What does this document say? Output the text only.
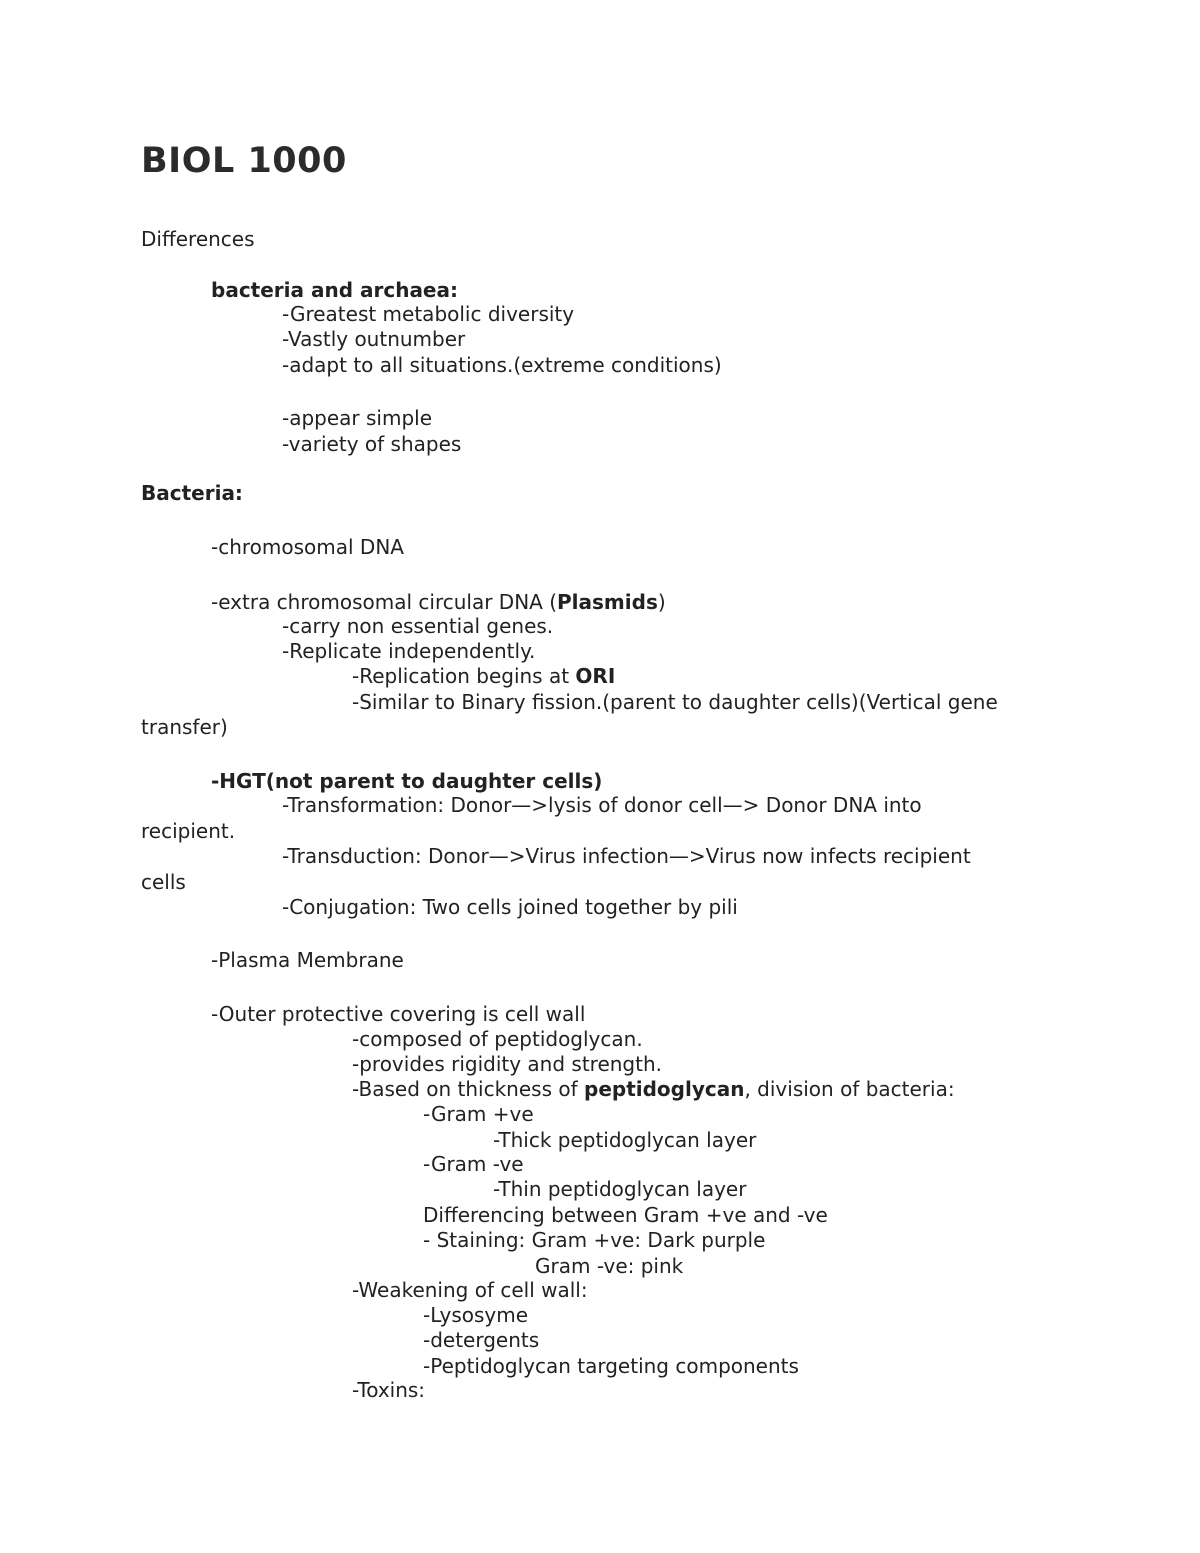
BIOL 1000

Differences

bacteria and archaea:

-Greatest metabolic diversity

-Vastly outnumber

-adapt to all situations.(extreme conditions)

-appear simple

-variety of shapes

Bacteria:

-chromosomal DNA

-extra chromosomal circular DNA (Plasmids)

-carry non essential genes.

-Replicate independently.

-Replication begins at ORI

-Similar to Binary fission.(parent to daughter cells)(Vertical gene

transfer)

-HGT(not parent to daughter cells)

-Transformation: Donor—>lysis of donor cell—> Donor DNA into

recipient.

-Transduction: Donor—>Virus infection—>Virus now infects recipient

cells

-Conjugation: Two cells joined together by pili

-Plasma Membrane

-Outer protective covering is cell wall

-composed of peptidoglycan.

-provides rigidity and strength.

-Based on thickness of peptidoglycan, division of bacteria:

-Gram +ve

-Thick peptidoglycan layer

-Gram -ve

-Thin peptidoglycan layer

Differencing between Gram +ve and -ve

- Staining: Gram +ve: Dark purple

Gram -ve: pink

-Weakening of cell wall:

-Lysosyme

-detergents

-Peptidoglycan targeting components

-Toxins:
